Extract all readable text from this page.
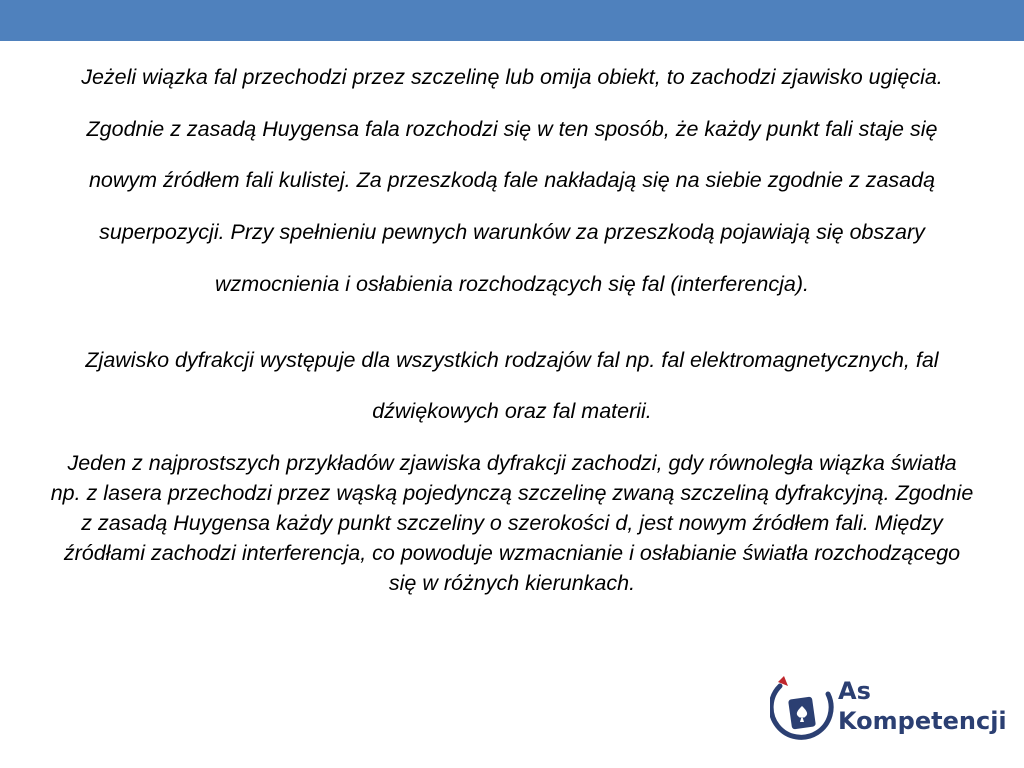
Jeżeli wiązka fal przechodzi przez szczelinę lub omija obiekt, to zachodzi zjawisko ugięcia. Zgodnie z zasadą Huygensa fala rozchodzi się w ten sposób, że każdy punkt fali staje się nowym źródłem fali kulistej. Za przeszkodą fale nakładają się na siebie zgodnie z zasadą superpozycji. Przy spełnieniu pewnych warunków za przeszkodą pojawiają się obszary wzmocnienia i osłabienia rozchodzących się fal (interferencja).

Zjawisko dyfrakcji występuje dla wszystkich rodzajów fal np. fal elektromagnetycznych, fal dźwiękowych oraz fal materii.

Jeden z najprostszych przykładów zjawiska dyfrakcji zachodzi, gdy równoległa wiązka światła np. z lasera przechodzi przez wąską pojedynczą szczelinę zwaną szczeliną dyfrakcyjną. Zgodnie z zasadą Huygensa każdy punkt szczeliny o szerokości d, jest nowym źródłem fali. Między źródłami zachodzi interferencja, co powoduje wzmacnianie i osłabianie światła rozchodzącego się w różnych kierunkach.

As
Kompetencji
